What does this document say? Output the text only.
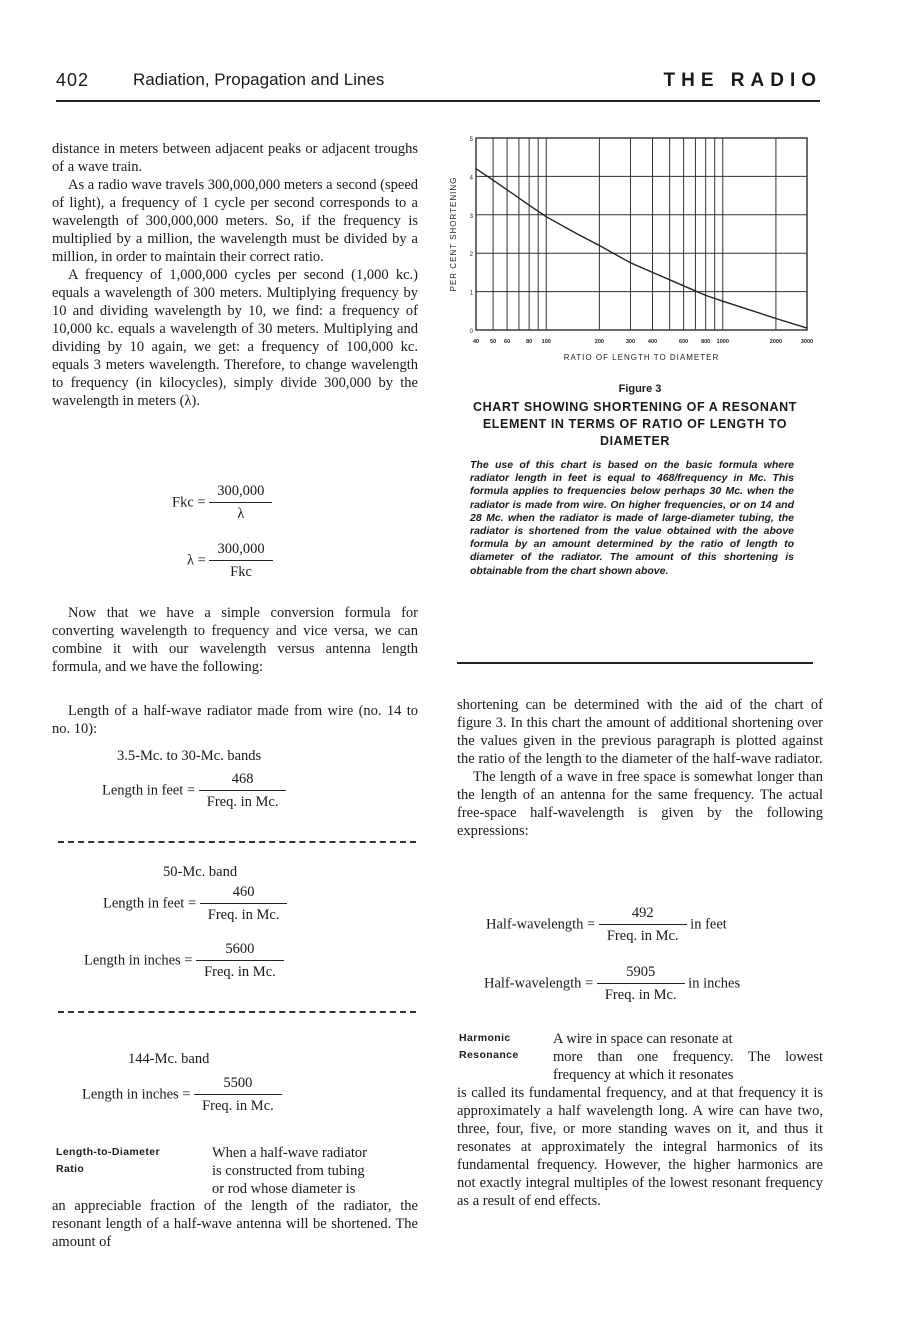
402	Radiation, Propagation and Lines	THE RADIO

distance in meters between adjacent peaks or adjacent troughs of a wave train.

As a radio wave travels 300,000,000 meters a second (speed of light), a frequency of 1 cycle per second corresponds to a wavelength of 300,000,000 meters. So, if the frequency is multiplied by a million, the wavelength must be divided by a million, in order to maintain their correct ratio.

A frequency of 1,000,000 cycles per second (1,000 kc.) equals a wavelength of 300 meters. Multiplying frequency by 10 and dividing wavelength by 10, we find: a frequency of 10,000 kc. equals a wavelength of 30 meters. Multiplying and dividing by 10 again, we get: a frequency of 100,000 kc. equals 3 meters wavelength. Therefore, to change wavelength to frequency (in kilocycles), simply divide 300,000 by the wavelength in meters (λ).

Fkc = $\frac{300,000}{\lambda}$
$\lambda = \frac{300,000}{\text{Fkc}}$

Now that we have a simple conversion formula for converting wavelength to frequency and vice versa, we can combine it with our wavelength versus antenna length formula, and we have the following:

Length of a half-wave radiator made from wire (no. 14 to no. 10):

3.5-Mc. to 30-Mc. bands
Length in feet = $\frac{468}{\text{Freq. in Mc.}}$
50-Mc. band
Length in feet = $\frac{460}{\text{Freq. in Mc.}}$
Length in inches = $\frac{5600}{\text{Freq. in Mc.}}$
144-Mc. band
Length in inches = $\frac{5500}{\text{Freq. in Mc.}}$
Length-to-Diameter
Ratio

When a half-wave radiator

is constructed from tubing

or rod whose diameter is

an appreciable fraction of the length of the radiator, the resonant length of a half-wave antenna will be shortened. The amount of

40 50 60	80 100	200	300 400	600 800 1000	2000	3000
0
1
2
3
4
5
RATIO OF LENGTH TO DIAMETER
PER CENT SHORTENING
Figure 3
CHART SHOWING SHORTENING OF A RESONANT ELEMENT IN TERMS OF RATIO OF LENGTH TO DIAMETER
The use of this chart is based on the basic formula where radiator length in feet is equal to 468/frequency in Mc. This formula applies to frequencies below perhaps 30 Mc. when the radiator is made from wire. On higher frequencies, or on 14 and 28 Mc. when the radiator is made of large-diameter tubing, the radiator is shortened from the value obtained with the above formula by an amount determined by the ratio of length to diameter of the radiator. The amount of this shortening is obtainable from the chart shown above.

shortening can be determined with the aid of the chart of figure 3. In this chart the amount of additional shortening over the values given in the previous paragraph is plotted against the ratio of the length to the diameter of the half-wave radiator.

The length of a wave in free space is somewhat longer than the length of an antenna for the same frequency. The actual free-space half-wavelength is given by the following expressions:

Half-wavelength = $\frac{492}{\text{Freq. in Mc.}}$ in feet
Half-wavelength = $\frac{5905}{\text{Freq. in Mc.}}$ in inches
Harmonic
Resonance

A wire in space can resonate at

more than one frequency. The lowest frequency at which it resonates

is called its fundamental frequency, and at that frequency it is approximately a half wavelength long. A wire can have two, three, four, five, or more standing waves on it, and thus it resonates at approximately the integral harmonics of its fundamental frequency. However, the higher harmonics are not exactly integral multiples of the lowest resonant frequency as a result of end effects.
